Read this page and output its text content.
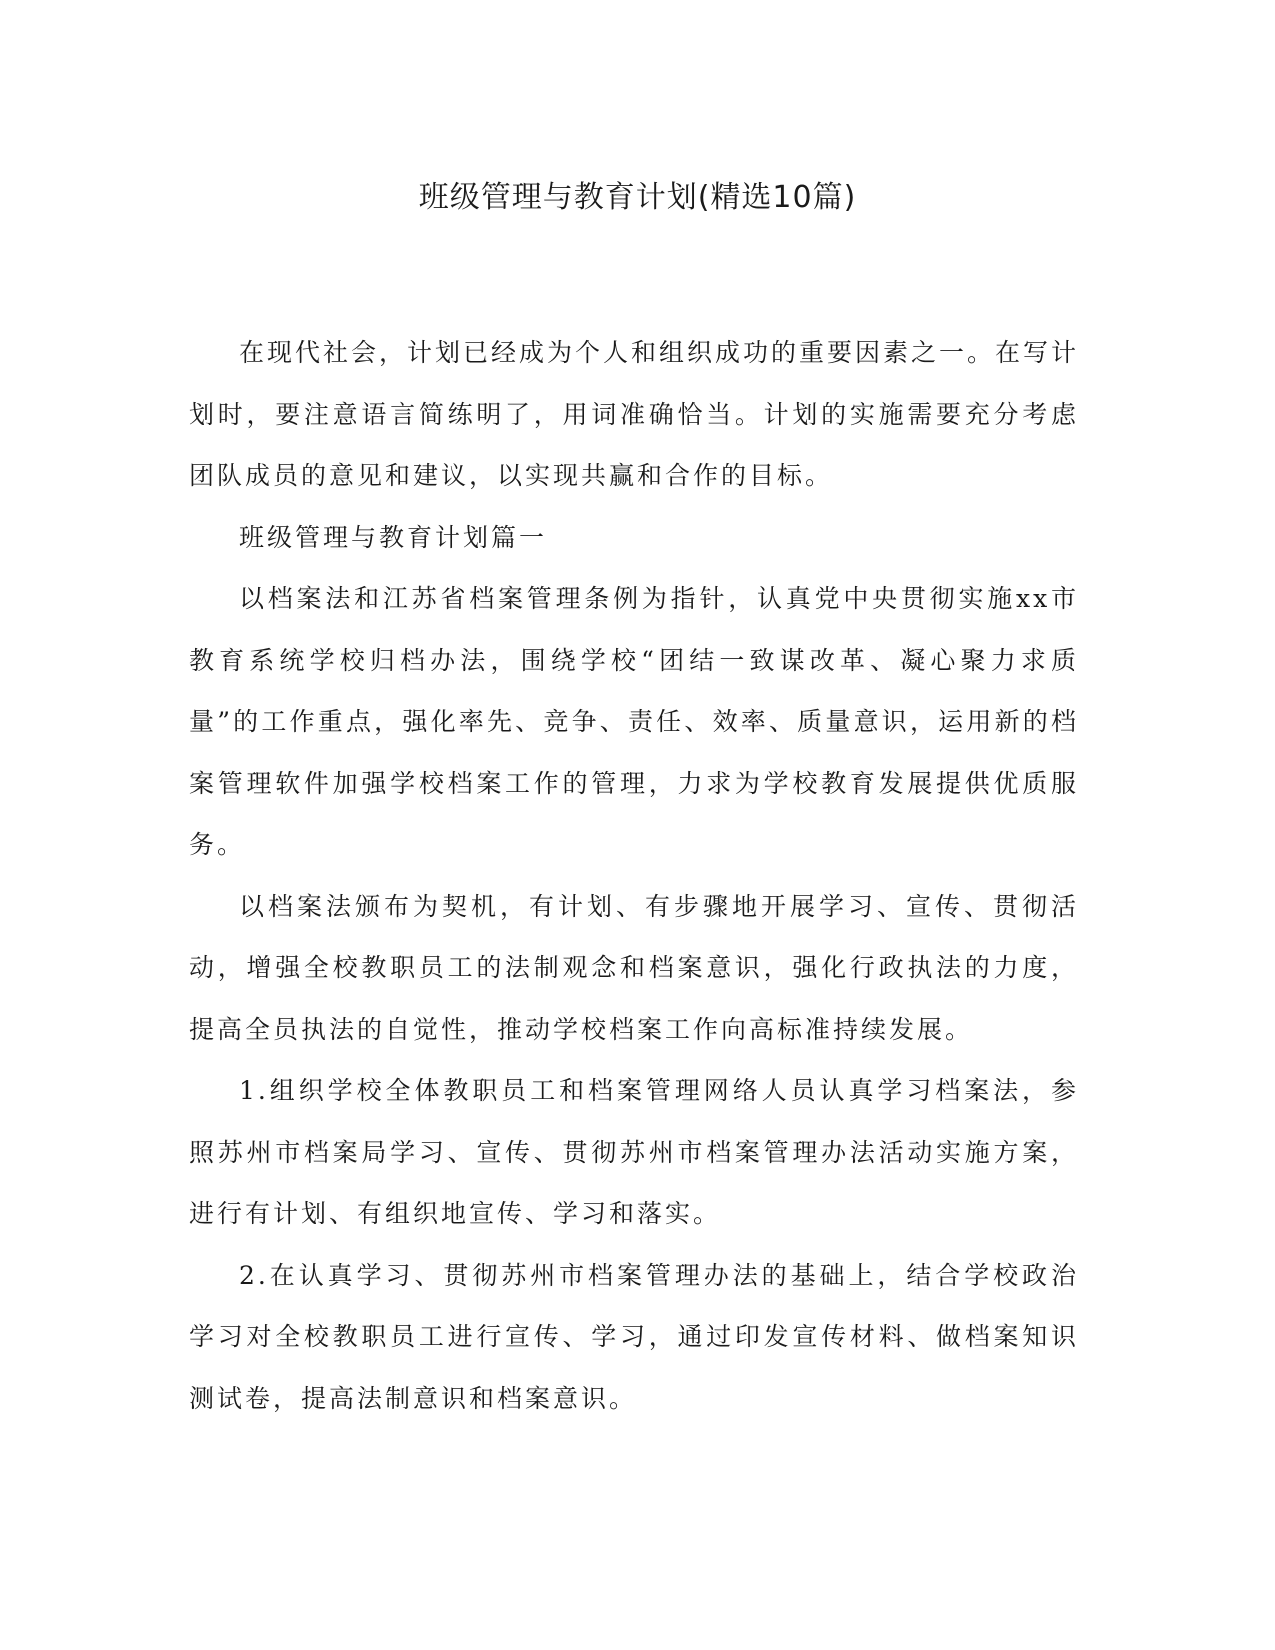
班级管理与教育计划(精选10篇)

在现代社会，计划已经成为个人和组织成功的重要因素之一。在写计划时，要注意语言简练明了，用词准确恰当。计划的实施需要充分考虑团队成员的意见和建议，以实现共赢和合作的目标。

班级管理与教育计划篇一

以档案法和江苏省档案管理条例为指针，认真党中央贯彻实施xx市教育系统学校归档办法，围绕学校“团结一致谋改革、凝心聚力求质量”的工作重点，强化率先、竞争、责任、效率、质量意识，运用新的档案管理软件加强学校档案工作的管理，力求为学校教育发展提供优质服务。

以档案法颁布为契机，有计划、有步骤地开展学习、宣传、贯彻活动，增强全校教职员工的法制观念和档案意识，强化行政执法的力度，提高全员执法的自觉性，推动学校档案工作向高标准持续发展。

1.组织学校全体教职员工和档案管理网络人员认真学习档案法，参照苏州市档案局学习、宣传、贯彻苏州市档案管理办法活动实施方案，进行有计划、有组织地宣传、学习和落实。

2.在认真学习、贯彻苏州市档案管理办法的基础上，结合学校政治学习对全校教职员工进行宣传、学习，通过印发宣传材料、做档案知识测试卷，提高法制意识和档案意识。
